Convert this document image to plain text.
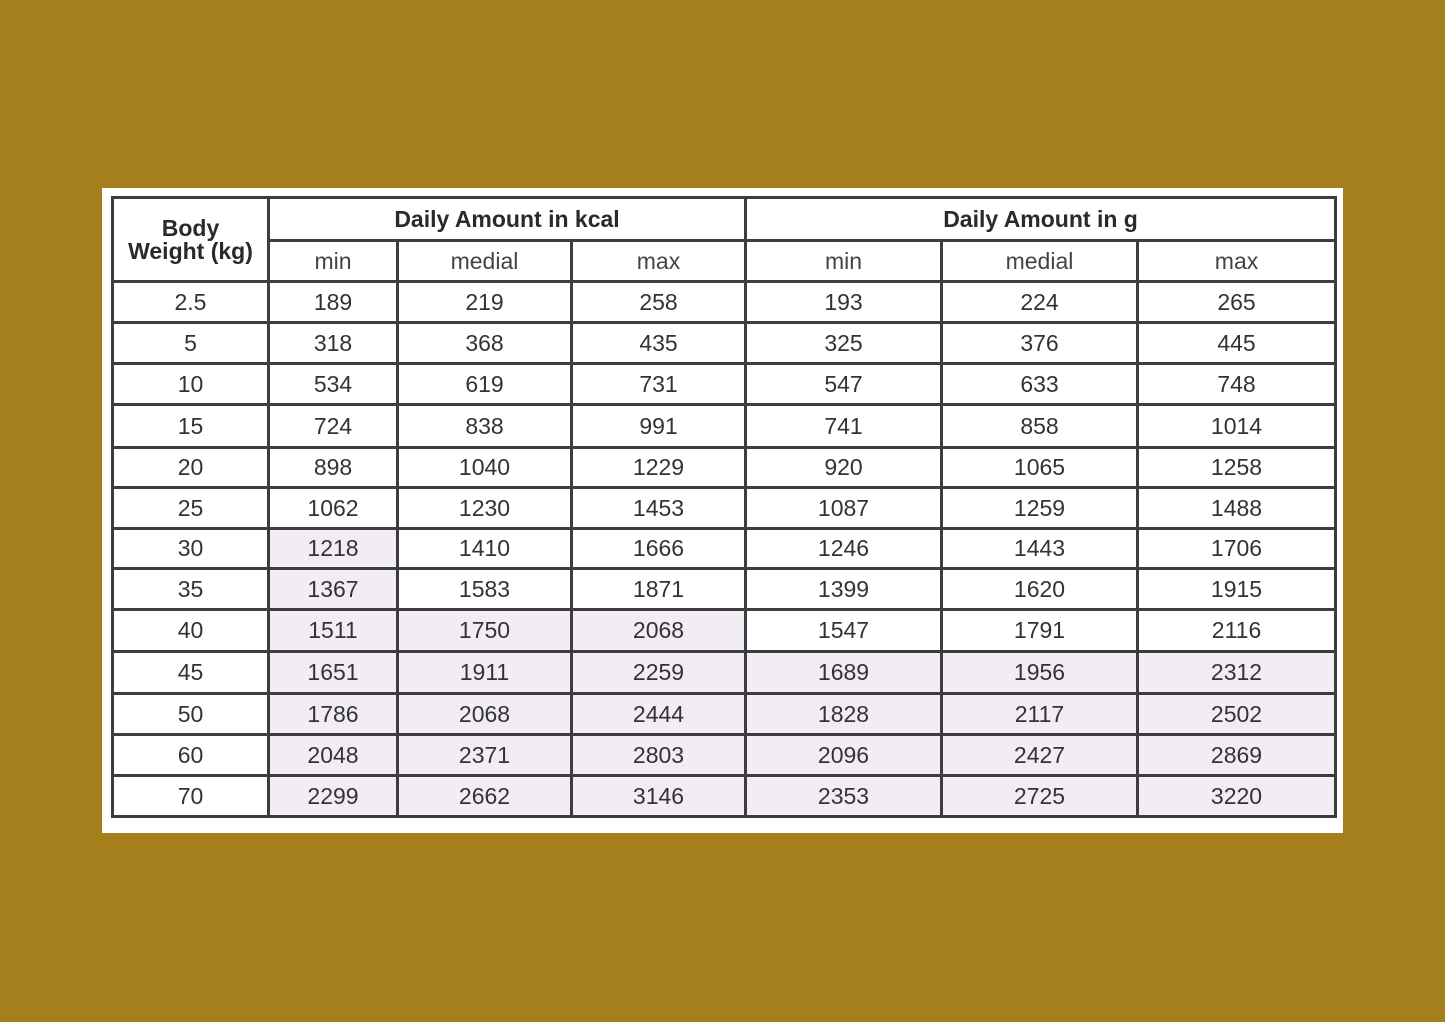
Body
Weight (kg)	Daily Amount in kcal			Daily Amount in g		
	min	medial	max	min	medial	max
2.5	189	219	258	193	224	265
5	318	368	435	325	376	445
10	534	619	731	547	633	748
15	724	838	991	741	858	1014
20	898	1040	1229	920	1065	1258
25	1062	1230	1453	1087	1259	1488
30	1218	1410	1666	1246	1443	1706
35	1367	1583	1871	1399	1620	1915
40	1511	1750	2068	1547	1791	2116
45	1651	1911	2259	1689	1956	2312
50	1786	2068	2444	1828	2117	2502
60	2048	2371	2803	2096	2427	2869
70	2299	2662	3146	2353	2725	3220
